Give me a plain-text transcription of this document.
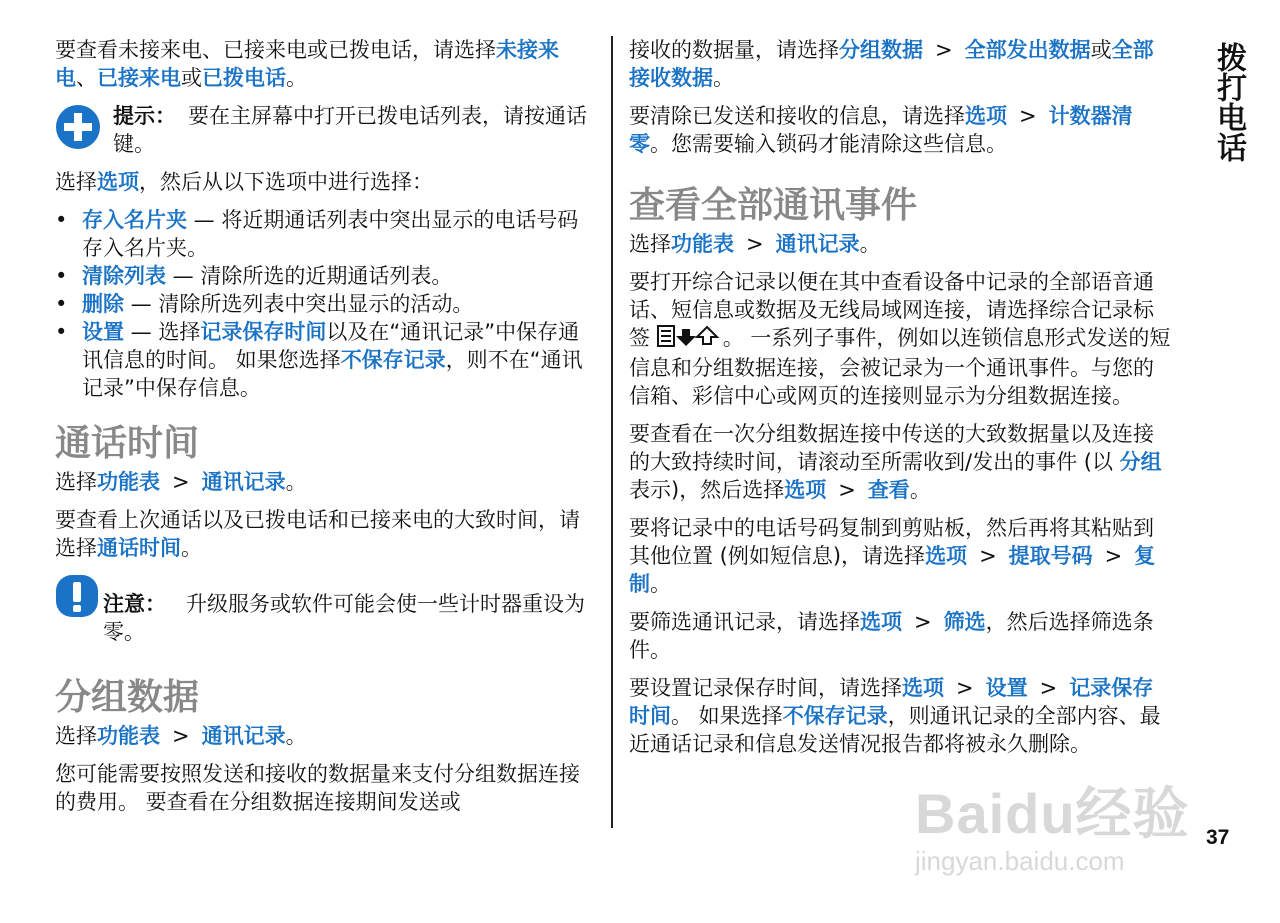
拨打电话

要查看未接来电、已接来电或已拨电话，请选择未接来电、已接来电或已拨电话。

提示： 要在主屏幕中打开已拨电话列表，请按通话键。

选择选项，然后从以下选项中进行选择：

• 存入名片夹 — 将近期通话列表中突出显示的电话号码存入名片夹。
• 清除列表 — 清除所选的近期通话列表。
• 删除 — 清除所选列表中突出显示的活动。
• 设置 — 选择记录保存时间以及在“通讯记录”中保存通讯信息的时间。 如果您选择不保存记录，则不在“通讯记录”中保存信息。
通话时间

选择功能表 > 通讯记录。

要查看上次通话以及已拨电话和已接来电的大致时间，请选择通话时间。

注意： 升级服务或软件可能会使一些计时器重设为零。
分组数据

选择功能表 > 通讯记录。

您可能需要按照发送和接收的数据量来支付分组数据连接的费用。 要查看在分组数据连接期间发送或

接收的数据量，请选择分组数据 > 全部发出数据或全部接收数据。

要清除已发送和接收的信息，请选择选项 > 计数器清零。您需要输入锁码才能清除这些信息。

查看全部通讯事件

选择功能表 > 通讯记录。

要打开综合记录以便在其中查看设备中记录的全部语音通话、短信息或数据及无线局域网连接，请选择综合记录标签	。 一系列子事件，例如以连锁信息形式发送的短信息和分组数据连接，会被记录为一个通讯事件。与您的信箱、彩信中心或网页的连接则显示为分组数据连接。

要查看在一次分组数据连接中传送的大致数据量以及连接的大致持续时间，请滚动至所需收到/发出的事件 (以 分组 表示)，然后选择选项 > 查看。

要将记录中的电话号码复制到剪贴板，然后再将其粘贴到其他位置 (例如短信息)，请选择选项 > 提取号码 > 复制。

要筛选通讯记录，请选择选项 > 筛选，然后选择筛选条件。

要设置记录保存时间，请选择选项 > 设置 > 记录保存时间。 如果选择不保存记录，则通讯记录的全部内容、最近通话记录和信息发送情况报告都将被永久删除。

Baidu经验
jingyan.baidu.com
37
